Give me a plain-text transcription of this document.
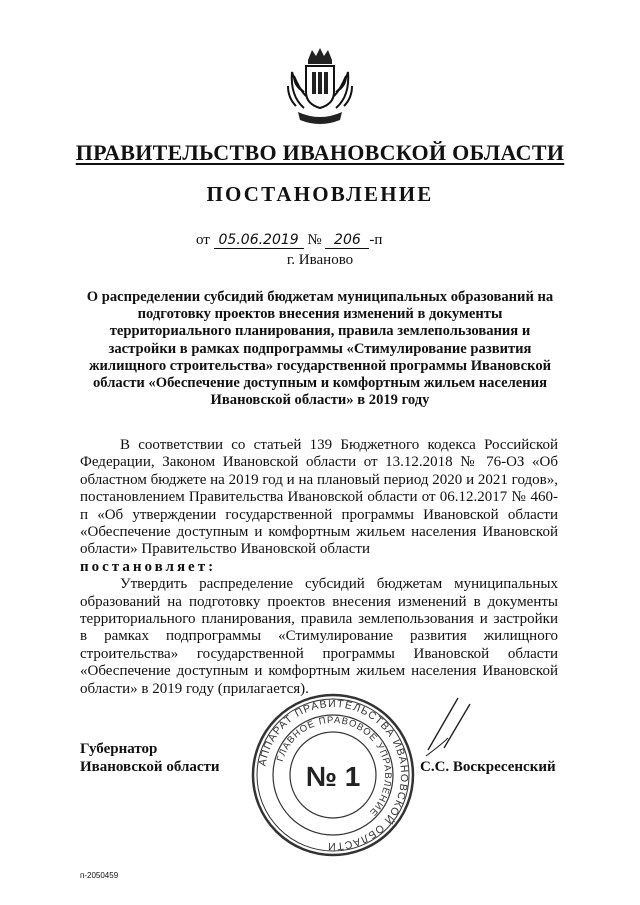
ПРАВИТЕЛЬСТВО ИВАНОВСКОЙ ОБЛАСТИ
ПОСТАНОВЛЕНИЕ
от 05.06.2019 № 206 -п
г. Иваново
О распределении субсидий бюджетам муниципальных образований на подготовку проектов внесения изменений в документы территориального планирования, правила землепользования и застройки в рамках подпрограммы «Стимулирование развития жилищного строительства» государственной программы Ивановской области «Обеспечение доступным и комфортным жильем населения Ивановской области» в 2019 году

В соответствии со статьей 139 Бюджетного кодекса Российской Федерации, Законом Ивановской области от 13.12.2018 № 76-ОЗ «Об областном бюджете на 2019 год и на плановый период 2020 и 2021 годов», постановлением Правительства Ивановской области от 06.12.2017 № 460-п «Об утверждении государственной программы Ивановской области «Обеспечение доступным и комфортным жильем населения Ивановской области» Правительство Ивановской области

постановляет:

Утвердить распределение субсидий бюджетам муниципальных образований на подготовку проектов внесения изменений в документы территориального планирования, правила землепользования и застройки в рамках подпрограммы «Стимулирование развития жилищного строительства» государственной программы Ивановской области «Обеспечение доступным и комфортным жильем населения Ивановской области» в 2019 году (прилагается).

АППАРАТ ПРАВИТЕЛЬСТВА ИВАНОВСКОЙ ОБЛАСТИ
ГЛАВНОЕ ПРАВОВОЕ УПРАВЛЕНИЕ
№ 1
Губернатор
Ивановской области	С.С. Воскресенский
п-2050459
